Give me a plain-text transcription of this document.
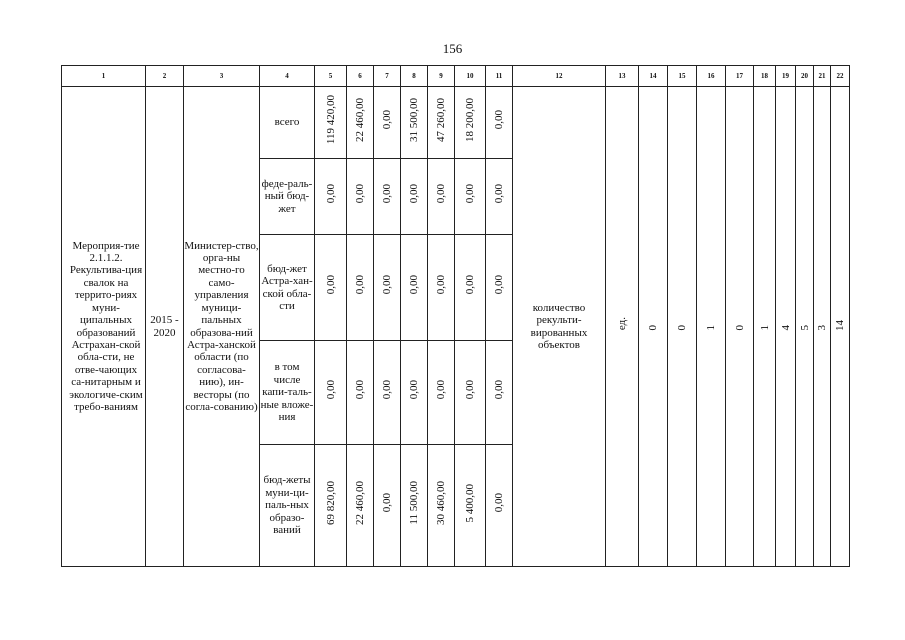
156
1	2	3	4	5	6	7	8	9	10	11	12	13	14	15	16	17	18	19	20	21	22
Мероприя-тие 2.1.1.2. Рекультива-ция свалок на террито-риях муни-ципальных образований Астрахан-ской обла-сти, не отве-чающих са-нитарным и экологиче-ским требо-ваниям	2015 - 2020	Министер-ство, орга-ны местно-го само-управления муници-пальных образова-ний Астра-ханской области (по согласова-нию), ин-весторы (по согла-сованию)	всего	119 420,00	22 460,00	0,00	31 500,00	47 260,00	18 200,00	0,00	количество рекульти-вированных объектов	ед.	0	0	1	0	1	4	5	3	14
			феде-раль-ный бюд-жет	0,00	0,00	0,00	0,00	0,00	0,00	0,00											
			бюд-жет Астра-хан-ской обла-сти	0,00	0,00	0,00	0,00	0,00	0,00	0,00											
			в том числе капи-таль-ные вложе-ния	0,00	0,00	0,00	0,00	0,00	0,00	0,00											
			бюд-жеты муни-ци-паль-ных образо-ваний	69 820,00	22 460,00	0,00	11 500,00	30 460,00	5 400,00	0,00											
